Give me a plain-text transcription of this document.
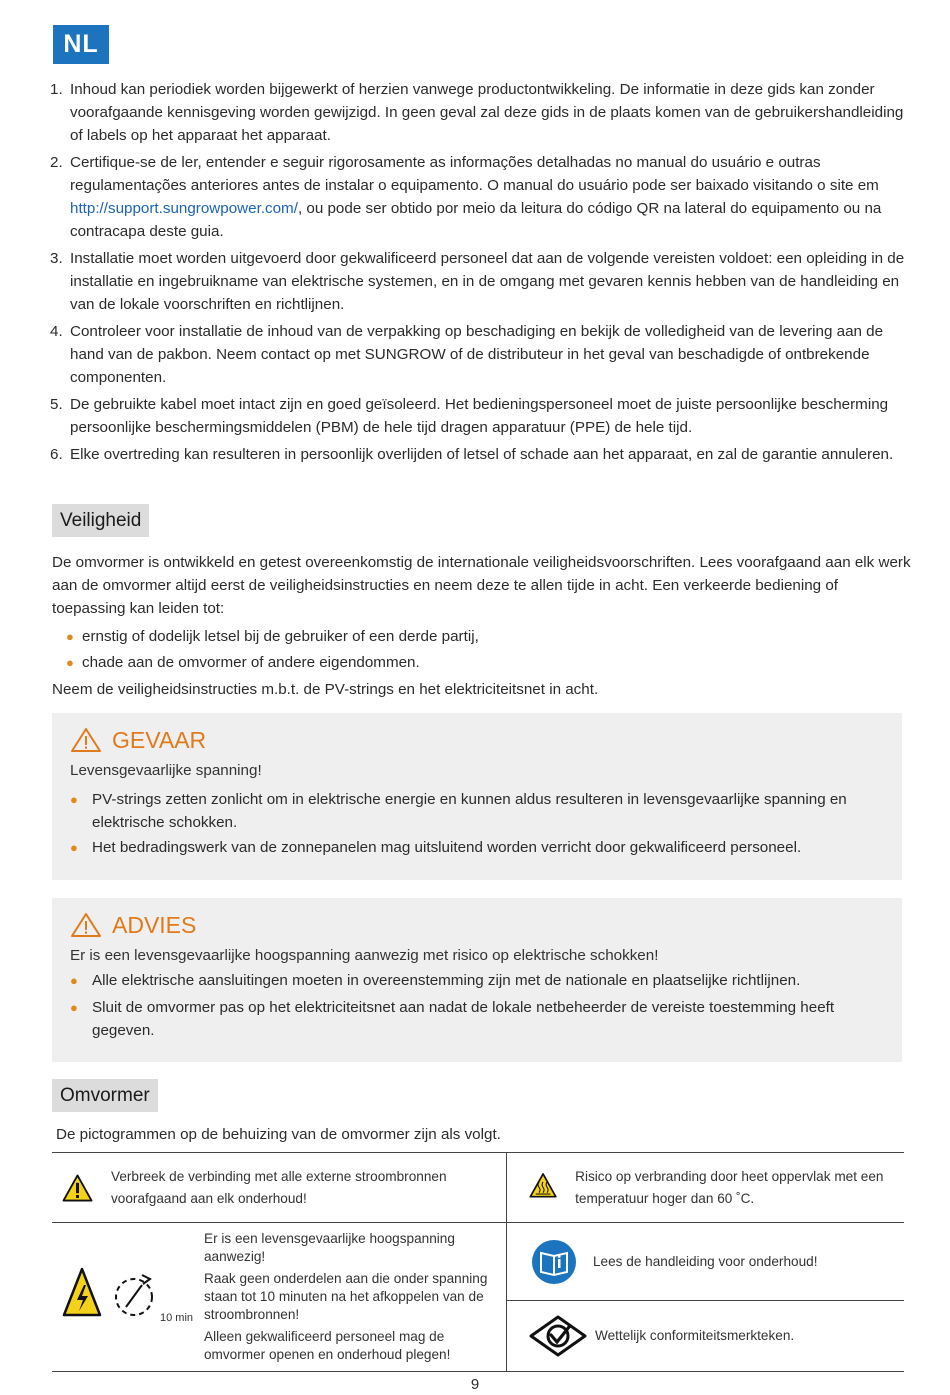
NL
1. Inhoud kan periodiek worden bijgewerkt of herzien vanwege productontwikkeling. De informatie in deze gids kan zonder voorafgaande kennisgeving worden gewijzigd. In geen geval zal deze gids in de plaats komen van de gebruikershandleiding of labels op het apparaat het apparaat.
2. Certifique-se de ler, entender e seguir rigorosamente as informações detalhadas no manual do usuário e outras regulamentações anteriores antes de instalar o equipamento. O manual do usuário pode ser baixado visitando o site em http://support.sungrowpower.com/, ou pode ser obtido por meio da leitura do código QR na lateral do equipamento ou na contracapa deste guia.
3. Installatie moet worden uitgevoerd door gekwalificeerd personeel dat aan de volgende vereisten voldoet: een opleiding in de installatie en ingebruikname van elektrische systemen, en in de omgang met gevaren kennis hebben van de handleiding en van de lokale voorschriften en richtlijnen.
4. Controleer voor installatie de inhoud van de verpakking op beschadiging en bekijk de volledigheid van de levering aan de hand van de pakbon. Neem contact op met SUNGROW of de distributeur in het geval van beschadigde of ontbrekende componenten.
5. De gebruikte kabel moet intact zijn en goed geïsoleerd. Het bedieningspersoneel moet de juiste persoonlijke bescherming persoonlijke beschermingsmiddelen (PBM) de hele tijd dragen apparatuur (PPE) de hele tijd.
6. Elke overtreding kan resulteren in persoonlijk overlijden of letsel of schade aan het apparaat, en zal de garantie annuleren.
Veiligheid
De omvormer is ontwikkeld en getest overeenkomstig de internationale veiligheidsvoorschriften. Lees voorafgaand aan elk werk aan de omvormer altijd eerst de veiligheidsinstructies en neem deze te allen tijde in acht. Een verkeerde bediening of toepassing kan leiden tot:
● ernstig of dodelijk letsel bij de gebruiker of een derde partij,
● chade aan de omvormer of andere eigendommen.
Neem de veiligheidsinstructies m.b.t. de PV-strings en het elektriciteitsnet in acht.
GEVAAR
Levensgevaarlijke spanning!
● PV-strings zetten zonlicht om in elektrische energie en kunnen aldus resulteren in levensgevaarlijke spanning en elektrische schokken.
● Het bedradingswerk van de zonnepanelen mag uitsluitend worden verricht door gekwalificeerd personeel.
ADVIES
Er is een levensgevaarlijke hoogspanning aanwezig met risico op elektrische schokken!
● Alle elektrische aansluitingen moeten in overeenstemming zijn met de nationale en plaatselijke richtlijnen.
● Sluit de omvormer pas op het elektriciteitsnet aan nadat de lokale netbeheerder de vereiste toestemming heeft gegeven.
Omvormer
De pictogrammen op de behuizing van de omvormer zijn als volgt.
Verbreek de verbinding met alle externe stroombronnen voorafgaand aan elk onderhoud!
Risico op verbranding door heet oppervlak met een temperatuur hoger dan 60 ˚C.
10 min
Er is een levensgevaarlijke hoogspanning aanwezig!
Raak geen onderdelen aan die onder spanning staan tot 10 minuten na het afkoppelen van de stroombronnen!
Alleen gekwalificeerd personeel mag de omvormer openen en onderhoud plegen!
Lees de handleiding voor onderhoud!
Wettelijk conformiteitsmerkteken.
9
